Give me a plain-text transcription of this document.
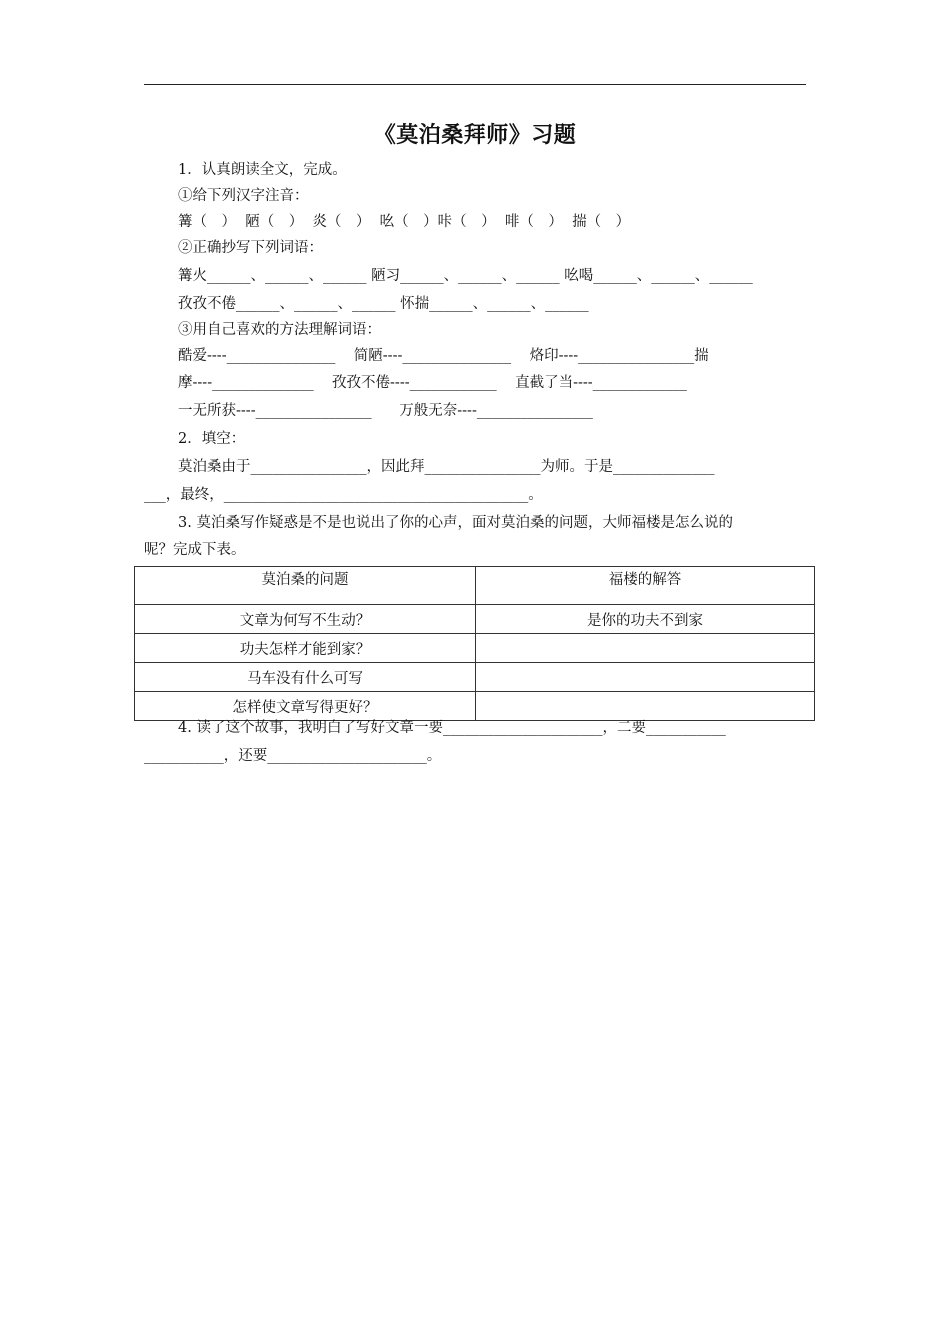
《莫泊桑拜师》习题
1．认真朗读全文，完成。
①给下列汉字注音：
篝（　）  陋（　）  炎（　）  吆（　）咔（　）  啡（　）  揣（　）
②正确抄写下列词语：
篝火______、______、______ 陋习______、______、______ 吆喝______、______、______
孜孜不倦______、______、______ 怀揣______、______、______
③用自己喜欢的方法理解词语：
酷爱----_______________    简陋----_______________    烙印----________________揣
摩----______________    孜孜不倦----____________    直截了当----_____________
一无所获----________________      万般无奈----________________
2．填空：
莫泊桑由于________________，因此拜________________为师。于是______________
___，最终，__________________________________________。
3. 莫泊桑写作疑惑是不是也说出了你的心声，面对莫泊桑的问题，大师福楼是怎么说的
呢？完成下表。
莫泊桑的问题	福楼的解答
文章为何写不生动？	是你的功夫不到家
功夫怎样才能到家？	
马车没有什么可写	
怎样使文章写得更好？	
4. 读了这个故事，我明白了写好文章一要______________________，二要___________
___________，还要______________________。
